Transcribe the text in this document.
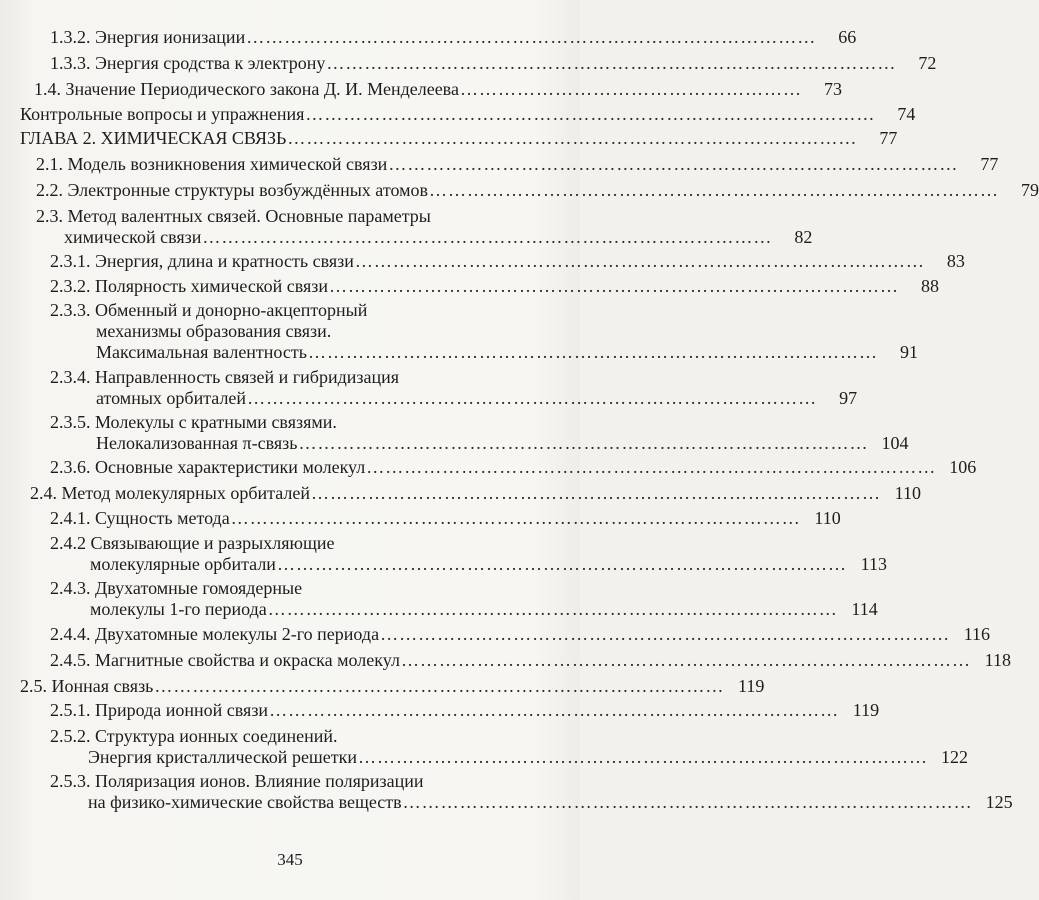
1.3.2. Энергия ионизации ………………………………………………………………………………	66
1.3.3. Энергия сродства к электрону ………………………………………………………………………………	72
1.4. Значение Периодического закона Д. И. Менделеева ………………………………………………	73
Контрольные вопросы и упражнения ………………………………………………………………………………	74
ГЛАВА 2. ХИМИЧЕСКАЯ СВЯЗЬ ………………………………………………………………………………	77
2.1. Модель возникновения химической связи ………………………………………………………………………………	77
2.2. Электронные структуры возбуждённых атомов ………………………………………………………………………………	79
2.3. Метод валентных связей. Основные параметры
химической связи ………………………………………………………………………………	82
2.3.1. Энергия, длина и кратность связи ………………………………………………………………………………	83
2.3.2. Полярность химической связи ………………………………………………………………………………	88
2.3.3. Обменный и донорно-акцепторный
механизмы образования связи.
Максимальная валентность ………………………………………………………………………………	91
2.3.4. Направленность связей и гибридизация
атомных орбиталей ………………………………………………………………………………	97
2.3.5. Молекулы с кратными связями.
Нелокализованная π-связь ……………………………………………………………………………… 104
2.3.6. Основные характеристики молекул ……………………………………………………………………………… 106
2.4. Метод молекулярных орбиталей ……………………………………………………………………………… 110
2.4.1. Сущность метода ……………………………………………………………………………… 110
2.4.2 Связывающие и разрыхляющие
молекулярные орбитали ……………………………………………………………………………… 113
2.4.3. Двухатомные гомоядерные
молекулы 1-го периода ……………………………………………………………………………… 114
2.4.4. Двухатомные молекулы 2-го периода ……………………………………………………………………………… 116
2.4.5. Магнитные свойства и окраска молекул ……………………………………………………………………………… 118
2.5. Ионная связь ……………………………………………………………………………… 119
2.5.1. Природа ионной связи ……………………………………………………………………………… 119
2.5.2. Структура ионных соединений.
Энергия кристаллической решетки ……………………………………………………………………………… 122
2.5.3. Поляризация ионов. Влияние поляризации
на физико-химические свойства веществ ……………………………………………………………………………… 125
345
